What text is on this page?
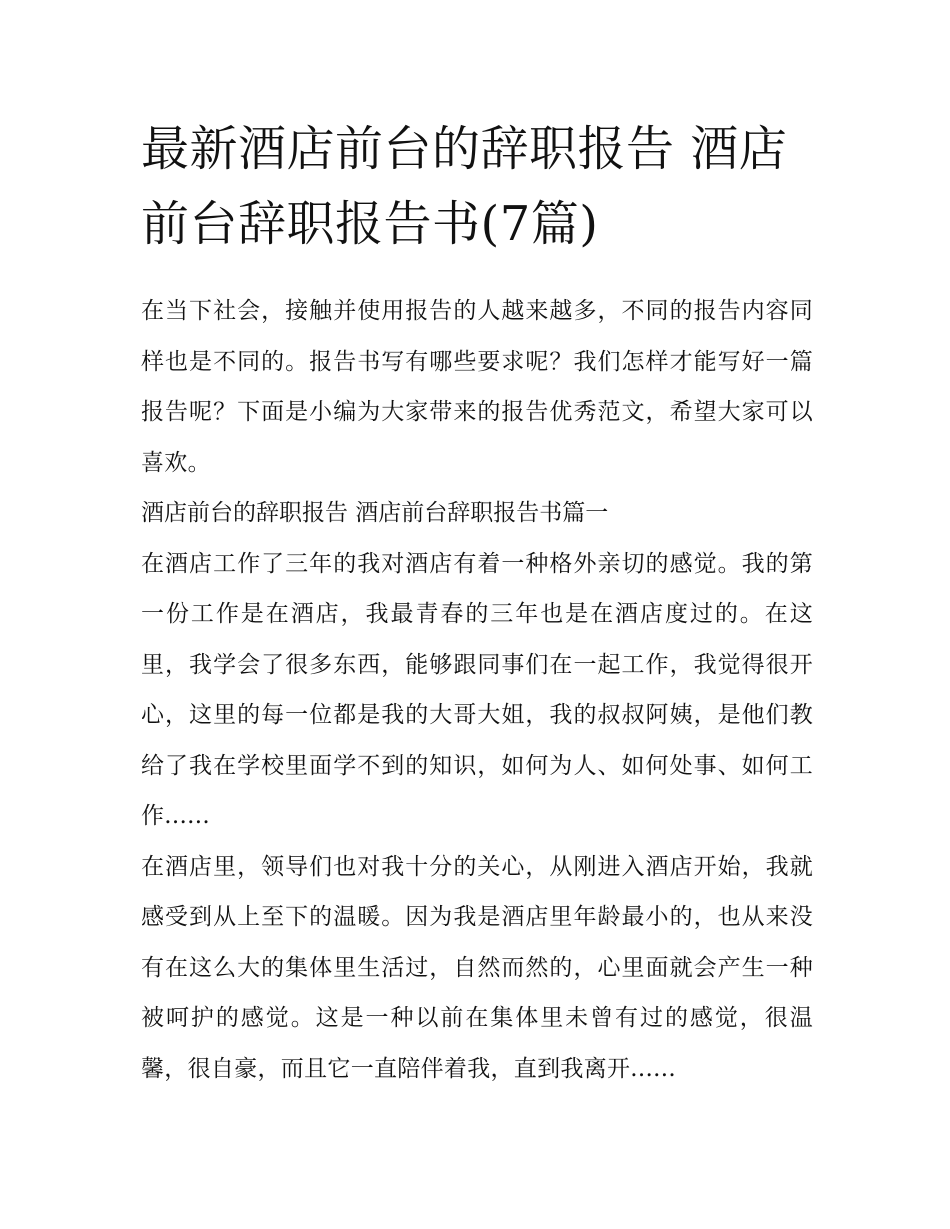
最新酒店前台的辞职报告 酒店前台辞职报告书(7篇)

在当下社会，接触并使用报告的人越来越多，不同的报告内容同样也是不同的。报告书写有哪些要求呢？我们怎样才能写好一篇报告呢？下面是小编为大家带来的报告优秀范文，希望大家可以喜欢。

酒店前台的辞职报告 酒店前台辞职报告书篇一

在酒店工作了三年的我对酒店有着一种格外亲切的感觉。我的第一份工作是在酒店，我最青春的三年也是在酒店度过的。在这里，我学会了很多东西，能够跟同事们在一起工作，我觉得很开心，这里的每一位都是我的大哥大姐，我的叔叔阿姨，是他们教给了我在学校里面学不到的知识，如何为人、如何处事、如何工作......

在酒店里，领导们也对我十分的关心，从刚进入酒店开始，我就感受到从上至下的温暖。因为我是酒店里年龄最小的，也从来没有在这么大的集体里生活过，自然而然的，心里面就会产生一种被呵护的感觉。这是一种以前在集体里未曾有过的感觉，很温馨，很自豪，而且它一直陪伴着我，直到我离开......
